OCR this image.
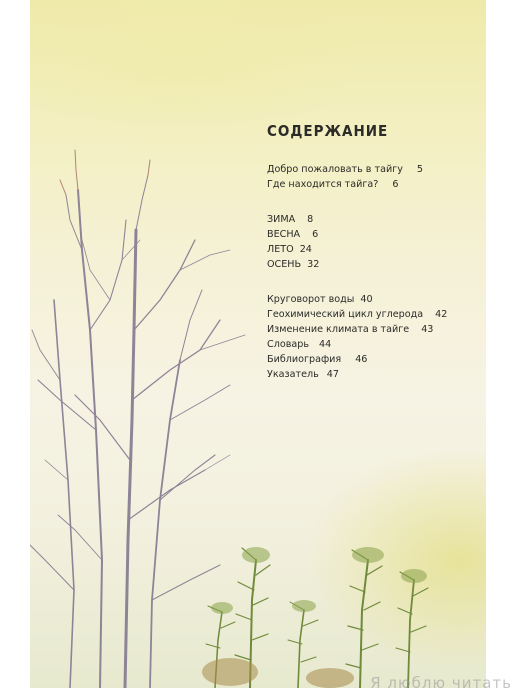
СОДЕРЖАНИЕ
Добро пожаловать в тайгу 5
Где находится тайга? 6
ЗИМА 8
ВЕСНА 6
ЛЕТО 24
ОСЕНЬ 32
Круговорот воды 40
Геохимический цикл углерода 42
Изменение климата в тайге 43
Словарь 44
Библиография 46
Указатель 47
Я люблю читать
